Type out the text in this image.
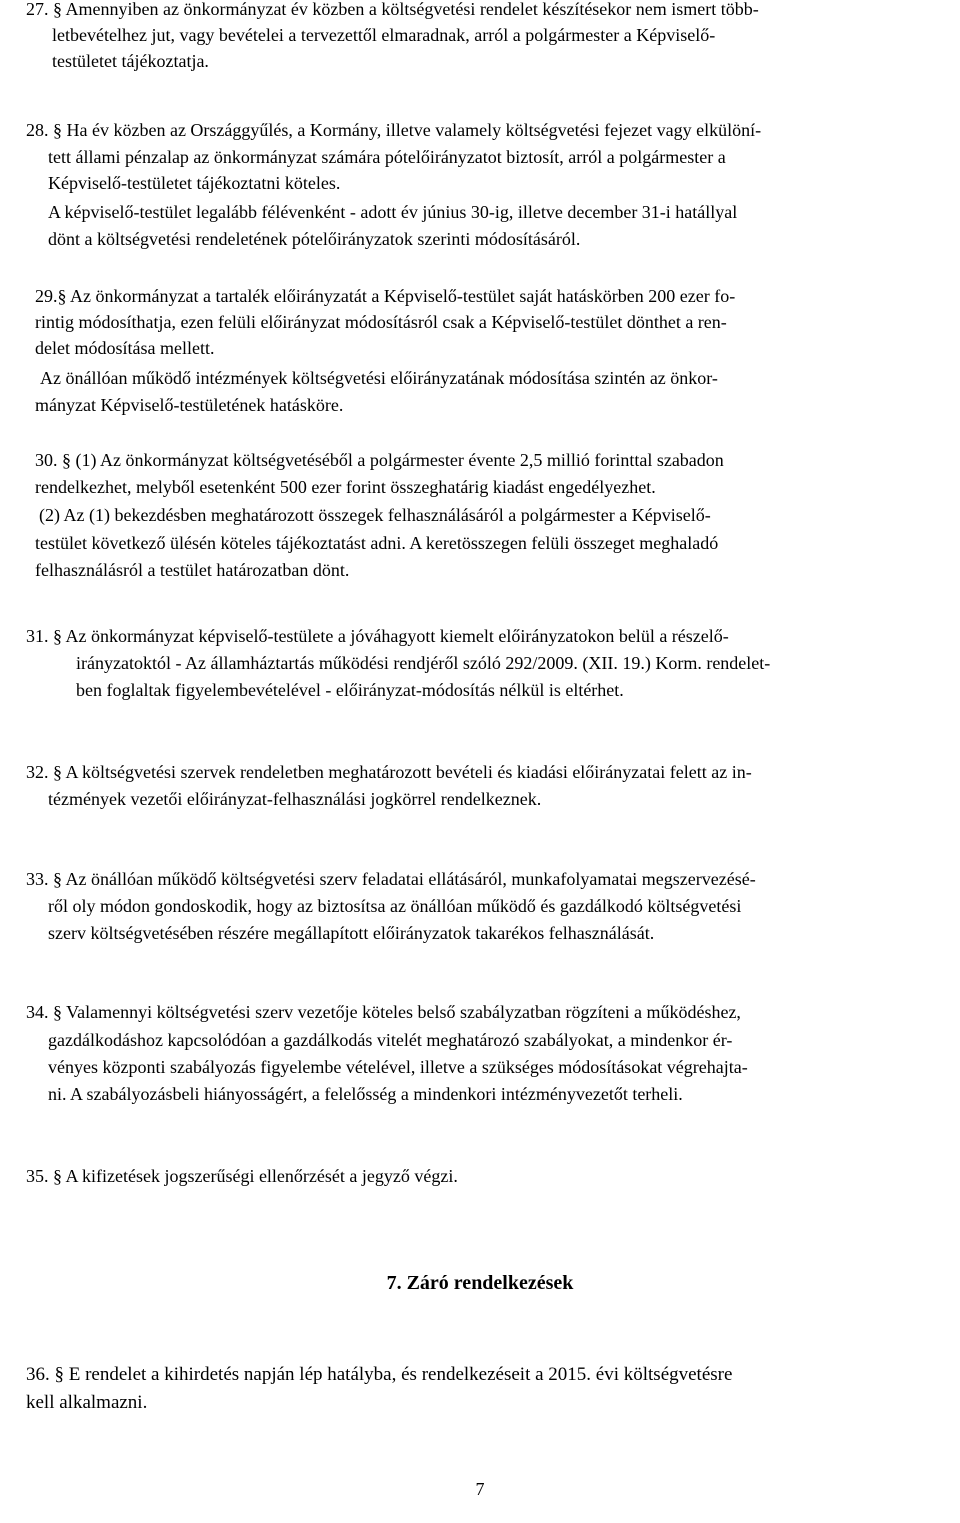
27. § Amennyiben az önkormányzat év közben a költségvetési rendelet készítésekor nem ismert több-
letbevételhez jut, vagy bevételei a tervezettől elmaradnak, arról a polgármester a Képviselő-
testületet tájékoztatja.
28. § Ha év közben az Országgyűlés, a Kormány, illetve valamely költségvetési fejezet vagy elkülöní-
tett állami pénzalap az önkormányzat számára pótelőirányzatot biztosít, arról a polgármester a
Képviselő-testületet tájékoztatni köteles.
A képviselő-testület legalább félévenként - adott év június 30-ig, illetve december 31-i hatállyal
dönt a költségvetési rendeletének pótelőirányzatok szerinti módosításáról.
29.§ Az önkormányzat a tartalék előirányzatát a Képviselő-testület saját hatáskörben 200 ezer fo-
rintig módosíthatja, ezen felüli előirányzat módosításról csak a Képviselő-testület dönthet a ren-
delet módosítása mellett.
Az önállóan működő intézmények költségvetési előirányzatának módosítása szintén az önkor-
mányzat Képviselő-testületének hatásköre.
30. § (1) Az önkormányzat költségvetéséből a polgármester évente 2,5 millió forinttal szabadon
rendelkezhet, melyből esetenként 500 ezer forint összeghatárig kiadást engedélyezhet.
(2) Az (1) bekezdésben meghatározott összegek felhasználásáról a polgármester a Képviselő-
testület következő ülésén köteles tájékoztatást adni. A keretösszegen felüli összeget meghaladó
felhasználásról a testület határozatban dönt.
31. § Az önkormányzat képviselő-testülete a jóváhagyott kiemelt előirányzatokon belül a részelő-
irányzatoktól - Az államháztartás működési rendjéről szóló 292/2009. (XII. 19.) Korm. rendelet-
ben foglaltak figyelembevételével - előirányzat-módosítás nélkül is eltérhet.
32. § A költségvetési szervek rendeletben meghatározott bevételi és kiadási előirányzatai felett az in-
tézmények vezetői előirányzat-felhasználási jogkörrel rendelkeznek.
33. § Az önállóan működő költségvetési szerv feladatai ellátásáról, munkafolyamatai megszervezésé-
ről oly módon gondoskodik, hogy az biztosítsa az önállóan működő és gazdálkodó költségvetési
szerv költségvetésében részére megállapított előirányzatok takarékos felhasználását.
34. § Valamennyi költségvetési szerv vezetője köteles belső szabályzatban rögzíteni a működéshez,
gazdálkodáshoz kapcsolódóan a gazdálkodás vitelét meghatározó szabályokat, a mindenkor ér-
vényes központi szabályozás figyelembe vételével, illetve a szükséges módosításokat végrehajta-
ni. A szabályozásbeli hiányosságért, a felelősség a mindenkori intézményvezetőt terheli.
35. § A kifizetések jogszerűségi ellenőrzését a jegyző végzi.
7. Záró rendelkezések
36. § E rendelet a kihirdetés napján lép hatályba, és rendelkezéseit a 2015. évi költségvetésre
kell alkalmazni.
7
